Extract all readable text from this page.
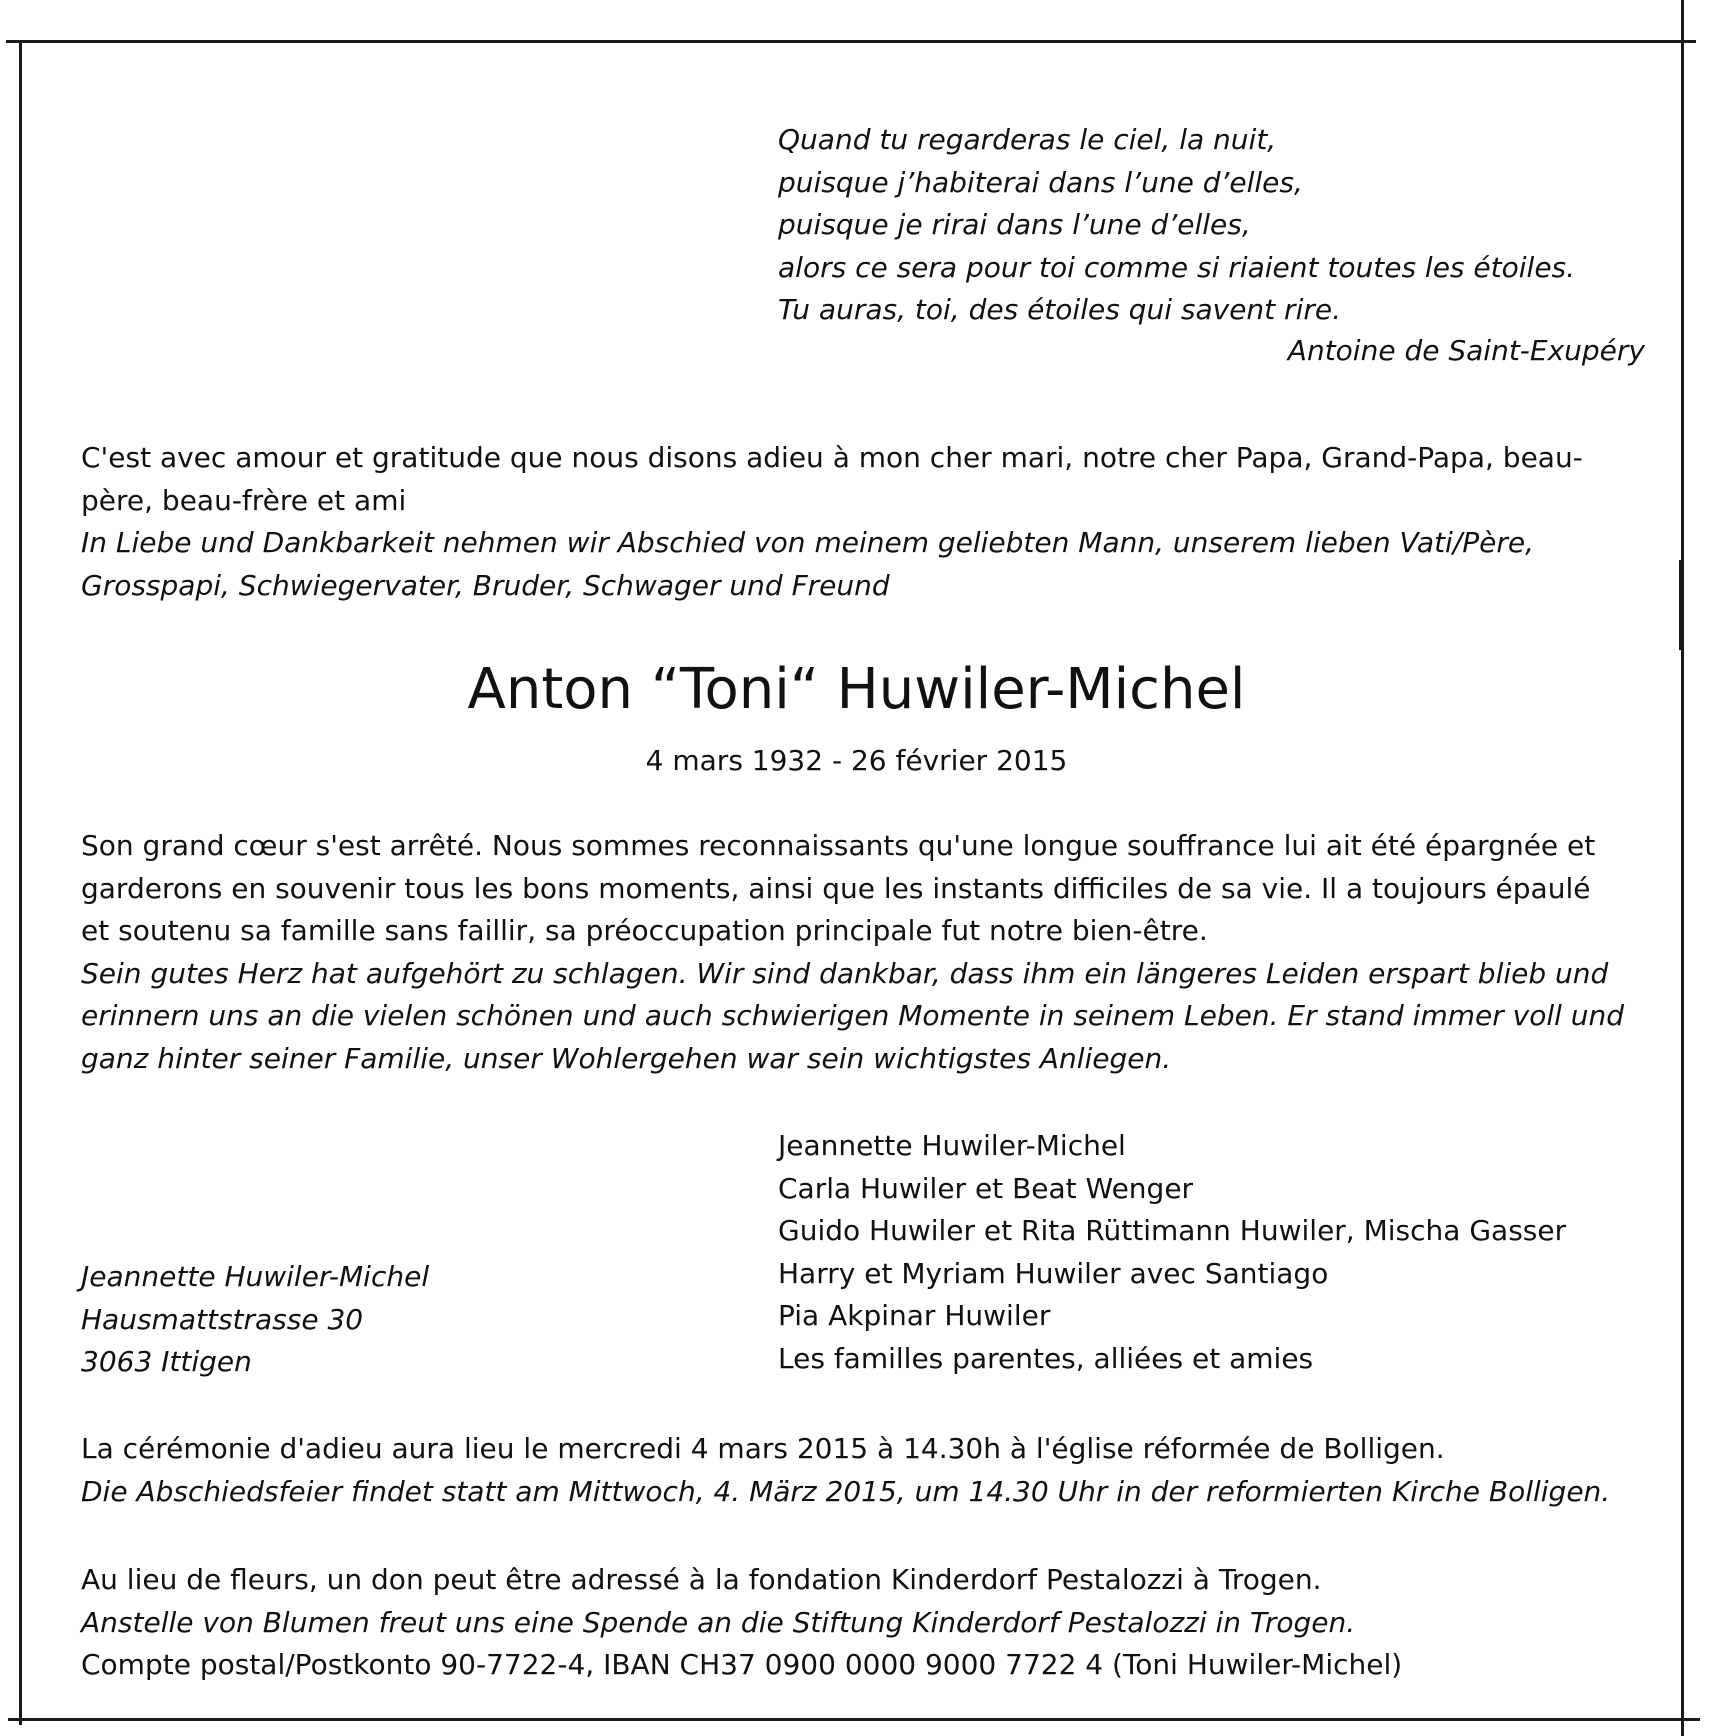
Quand tu regarderas le ciel, la nuit,
puisque j’habiterai dans l’une d’elles,
puisque je rirai dans l’une d’elles,
alors ce sera pour toi comme si riaient toutes les étoiles.
Tu auras, toi, des étoiles qui savent rire.
Antoine de Saint-Exupéry
C'est avec amour et gratitude que nous disons adieu à mon cher mari, notre cher Papa, Grand-Papa, beau-
père, beau-frère et ami
In Liebe und Dankbarkeit nehmen wir Abschied von meinem geliebten Mann, unserem lieben Vati/Père,
Grosspapi, Schwiegervater, Bruder, Schwager und Freund
Anton “Toni“ Huwiler-Michel
4 mars 1932 - 26 février 2015
Son grand cœur s'est arrêté. Nous sommes reconnaissants qu'une longue souffrance lui ait été épargnée et
garderons en souvenir tous les bons moments, ainsi que les instants difficiles de sa vie. Il a toujours épaulé
et soutenu sa famille sans faillir, sa préoccupation principale fut notre bien-être.
Sein gutes Herz hat aufgehört zu schlagen. Wir sind dankbar, dass ihm ein längeres Leiden erspart blieb und
erinnern uns an die vielen schönen und auch schwierigen Momente in seinem Leben. Er stand immer voll und
ganz hinter seiner Familie, unser Wohlergehen war sein wichtigstes Anliegen.
Jeannette Huwiler-Michel
Carla Huwiler et Beat Wenger
Guido Huwiler et Rita Rüttimann Huwiler, Mischa Gasser
Harry et Myriam Huwiler avec Santiago
Pia Akpinar Huwiler
Les familles parentes, alliées et amies
Jeannette Huwiler-Michel
Hausmattstrasse 30
3063 Ittigen
La cérémonie d'adieu aura lieu le mercredi 4 mars 2015 à 14.30h à l'église réformée de Bolligen.
Die Abschiedsfeier findet statt am Mittwoch, 4. März 2015, um 14.30 Uhr in der reformierten Kirche Bolligen.
Au lieu de fleurs, un don peut être adressé à la fondation Kinderdorf Pestalozzi à Trogen.
Anstelle von Blumen freut uns eine Spende an die Stiftung Kinderdorf Pestalozzi in Trogen.
Compte postal/Postkonto 90-7722-4, IBAN CH37 0900 0000 9000 7722 4 (Toni Huwiler-Michel)
